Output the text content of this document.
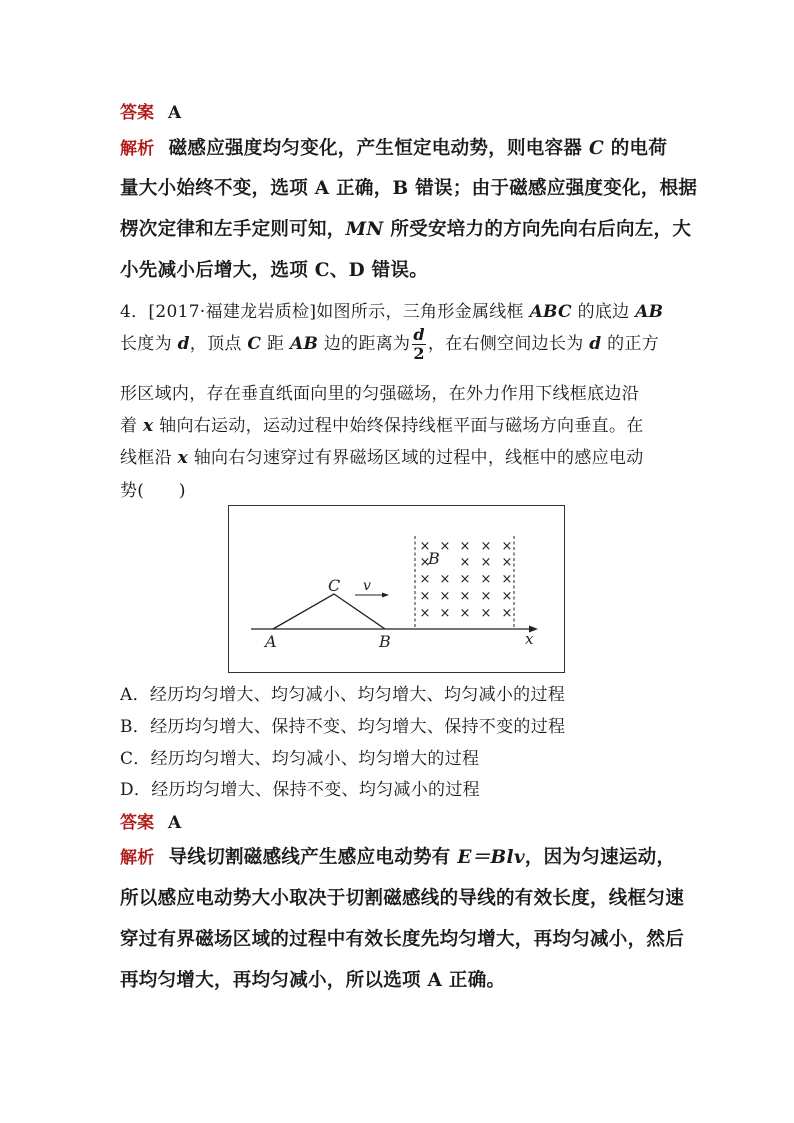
答案 A
解析 磁感应强度均匀变化，产生恒定电动势，则电容器 C 的电荷
量大小始终不变，选项 A 正确，B 错误；由于磁感应强度变化，根据
楞次定律和左手定则可知，MN 所受安培力的方向先向右后向左，大
小先减小后增大，选项 C、D 错误。
4．[2017·福建龙岩质检]如图所示，三角形金属线框 ABC 的底边 AB
长度为 d，顶点 C 距 AB 边的距离为 $\frac{d}{2}$ ，在右侧空间边长为 d 的正方
形区域内，存在垂直纸面向里的匀强磁场，在外力作用下线框底边沿
着 x 轴向右运动，运动过程中始终保持线框平面与磁场方向垂直。在
线框沿 x 轴向右匀速穿过有界磁场区域的过程中，线框中的感应电动
势(　　)
A	B
C v
x
B
× × × × ×
× × × ×
× × × × ×
× × × × ×
× × × × ×
A．经历均匀增大、均匀减小、均匀增大、均匀减小的过程
B．经历均匀增大、保持不变、均匀增大、保持不变的过程
C．经历均匀增大、均匀减小、均匀增大的过程
D．经历均匀增大、保持不变、均匀减小的过程
答案 A
解析 导线切割磁感线产生感应电动势有 E＝Blv，因为匀速运动，
所以感应电动势大小取决于切割磁感线的导线的有效长度，线框匀速
穿过有界磁场区域的过程中有效长度先均匀增大，再均匀减小，然后
再均匀增大，再均匀减小，所以选项 A 正确。
